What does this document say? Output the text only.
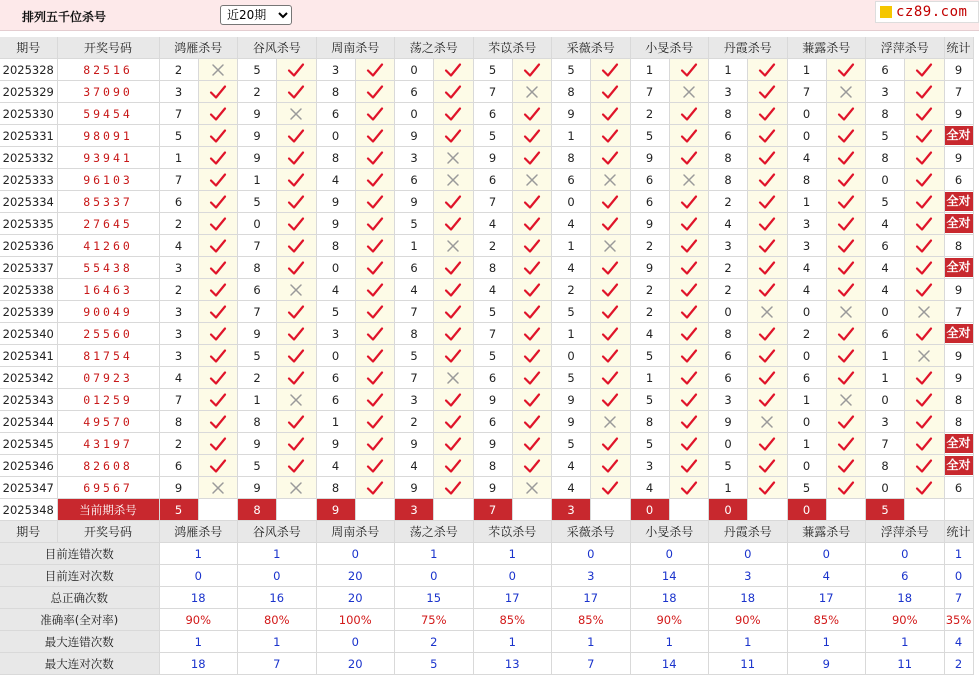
排列五千位杀号
近20期	cz89.com
期号	开奖号码	鸿雁杀号		谷风杀号		周南杀号		荡之杀号		芣苡杀号		采薇杀号		小旻杀号		丹霞杀号		蒹露杀号		浮萍杀号		统计
2025328	82516	2		5		3		0		5		5		1		1		1		6		9
2025329	37090	3		2		8		6		7		8		7		3		7		3		7
2025330	59454	7		9		6		0		6		9		2		8		0		8		9
2025331	98091	5		9		0		9		5		1		5		6		0		5		全对
2025332	93941	1		9		8		3		9		8		9		8		4		8		9
2025333	96103	7		1		4		6		6		6		6		8		8		0		6
2025334	85337	6		5		9		9		7		0		6		2		1		5		全对
2025335	27645	2		0		9		5		4		4		9		4		3		4		全对
2025336	41260	4		7		8		1		2		1		2		3		3		6		8
2025337	55438	3		8		0		6		8		4		9		2		4		4		全对
2025338	16463	2		6		4		4		4		2		2		2		4		4		9
2025339	90049	3		7		5		7		5		5		2		0		0		0		7
2025340	25560	3		9		3		8		7		1		4		8		2		6		全对
2025341	81754	3		5		0		5		5		0		5		6		0		1		9
2025342	07923	4		2		6		7		6		5		1		6		6		1		9
2025343	01259	7		1		6		3		9		9		5		3		1		0		8
2025344	49570	8		8		1		2		6		9		8		9		0		3		8
2025345	43197	2		9		9		9		9		5		5		0		1		7		全对
2025346	82608	6		5		4		4		8		4		3		5		0		8		全对
2025347	69567	9		9		8		9		9		4		4		1		5		0		6
2025348	当前期杀号	5		8		9		3		7		3		0		0		0		5		
期号	开奖号码	鸿雁杀号		谷风杀号		周南杀号		荡之杀号		芣苡杀号		采薇杀号		小旻杀号		丹霞杀号		蒹露杀号		浮萍杀号		统计
目前连错次数		1		1		0		1		1		0		0		0		0		0		1
目前连对次数		0		0		20		0		0		3		14		3		4		6		0
总正确次数		18		16		20		15		17		17		18		18		17		18		7
准确率(全对率)		90%		80%		100%		75%		85%		85%		90%		90%		85%		90%		35%
最大连错次数		1		1		0		2		1		1		1		1		1		1		4
最大连对次数		18		7		20		5		13		7		14		11		9		11		2
